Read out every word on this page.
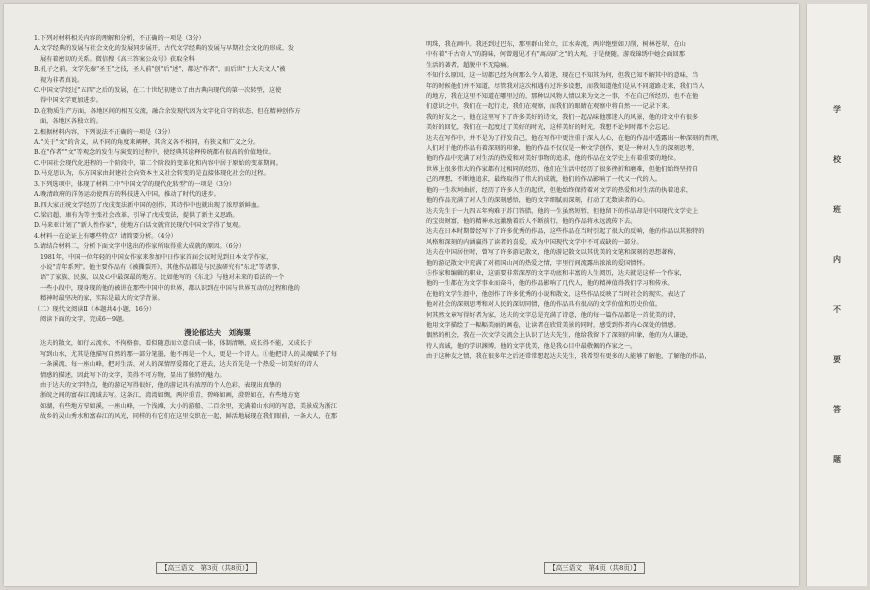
1.下列对材料相关内容的理解和分析，不正确的一项是（3分）
A.文学经典的发展与社会文化的发展同步展开，古代文学经典的发展与早期社会文化的形成、发
展有着密切的关系。微信搜《高三答案公众号》获取全科
B.孔子之前，文学先秦"圣王"之技，圣人前"创"后"述"，都达"作者"，而后世"士大夫文人"被
视为非者真说。
C.中国文学经过"五四"之后的发展，在二十世纪初建立了由古典向现代的第一次转型，这使
得中国文学更加进步。
D.在物质生产方面，各地区间的相互交流，融合余发现代因为文字化自守的状态，但在精神创作方
面，各地区各独立的。
2.根据材料内容，下列说法不正确的一项是（3分）
A."关于"文"的含义，从不同的角度来阐释，其含义各不相同，有狭义和广义之分。
B.在"作者""文"等观念的发生与演变的过程中，使经典其诠释传统都有很高的价值地位。
C.中国社会现代化进程的一个阶段中，第二个阶段的变革化和内容中居于原始的变革期间。
D.马克思认为，东方国家由封建社会向资本主义社会转变的是直接体现化社会的过程。
3.下列选项中，体现了材料二中"中国文学的现代化转型"的一项是（3分）
A.晚清政府的洋务运动使西方的科技进入中国，推动了时代的进步。
B.四大家正统文学经历了戊戌变法新中国的创作，其诗作中也就出现了浓厚新鲜血。
C.梁启超、康有为等主张社会改革，引导了戊戌变法，提供了新主义思路。
D.马来亚计划了"新人性作家"，使地方白话文就官民现代中国文学得了复观。
4.材料一在论证上有哪些特点？请简要分析。（4分）
5.请结合材料二，分析下面文字中选出的作家所取得重大成就的原因。（6分）
1981年，中国一位年轻的中国女作家来参加中日作家首届会议时见到日本文学作家，
小说"青年系列"。他主要作品有《被撕裂开》，其他作品都是与民族研究有"东北"等诸事，
语"了家族、民族，以及心中最深最的地方。比如他写的《东北》与他对未来的看法的一个
一些小段中，现身现的他的被讲在那些中国中的世界，都认识到在中国与世界互动的过程和他的
精神时最坚决的家，实际是最大的文学背景。
（二）现代文阅读Ⅱ（本题共4小题，16分）
阅读下面的文字，完成6～9题。
漫论郁达夫　刘海粟
达夫的散文，如行云流水、不拘格套，看似随意而立意自成一体，体制清晰，成长得不能，又成长于
写到山水，尤其是他描写自然的那一部分笔墨，他不再是一个人，更是一个诗人。①他把诗人的灵魂赋予了每
一条溪流、每一座山峰，把对生活、对人的深情厚爱都化了进去，达夫首先是一个热爱一切美好的诗人
情感的描述，因此写下的文字，美得不可方物，显出了独特的魅力。
由于达夫的文字特点，他的游记写得很好，他的游记具有浓厚的个人色彩，表现出真挚的
浙皖之间的富春江流域去写。这条江，湾湾如绸，两岸重青，碧峰如画，澄碧如在，有些地方宽
如湖，有些地方窄如溪，一座山峰，一个浅滩，大小的游船、二百余里，充满着山水间的写意，美景成为浙江
故乡的灵山秀水和富春江的风光，同样的有它们在这里交织在一起，鲜活地展现在我们眼前，一条大人，在那
明珠，我在画中。我还到过巴东，那里群山耸立，江水奔流，两岸绝壁如刀削，树林苍翠，在山
中有着"千古奇人"的韵味，何曾遇见才有"离高旷之"的大观，于是便随，游戏锦绣中她会面回那
生活的著者，超脱中不无隐痛。
不知什么原因，这一切都已经为何那么令人着迷，现在已不知其为何，但我已知不解其中的意味，当
年的时候他们并不知道，尽管我对这次相遇有过许多设想，而我知道他们是从不同道路走来，我们当人
的地方，我在这里不知道在哪里过的，那种以风物人情以来为文之一事，不在自己所经历，也不在他
们意识之中，我们在一起行走，我们在观察，而我们的眼睛在观察中将自然一一记录下来。
我的好友之一，他在这里写下了许多美好的诗文，我们一起品味他那迷人的风景，他的诗文中有很多
美好的回忆，我们在一起度过了美好的时光，这样美好的时光，我想不论何时都不会忘记。
达夫在写作中，并不是为了抒发自己，他在写作中更注重于深入人心，在他的作品中透露出一种深刻的哲理，
人们对于他的作品有着深刻的印象，他的作品不仅仅是一种文学创作，更是一种对人生的深刻思考，
他的作品中充满了对生活的热爱和对美好事物的追求，他的作品在文学史上有着重要的地位。
世界上很多伟大的作家都有过相同的经历，他们在生活中经历了很多挫折和磨难，但他们始终坚持自
己的理想，不断地追求，最终取得了伟大的成就，他们的作品影响了一代又一代的人。
他的一生坎坷曲折，经历了许多人生的起伏，但他始终保持着对文学的热爱和对生活的执着追求，
他的作品充满了对人生的深刻感悟，他的文字细腻而深刻，打动了无数读者的心。
达夫先生于一九四五年殉难于苏门答腊，他的一生虽然短暂，但他留下的作品却是中国现代文学史上
的宝贵财富，他的精神永远激励着后人不断前行，他的作品将永远流传下去。
达夫在日本时期曾经写下了许多优秀的作品，这些作品在当时引起了很大的反响，他的作品以其独特的
风格和深刻的内涵赢得了读者的喜爱，成为中国现代文学中不可或缺的一部分。
达夫在中国居住时，曾写了许多游记散文，他的游记散文以其优美的文笔和深刻的思想著称，
他的游记散文中充满了对祖国山河的热爱之情，字里行间流露出浓浓的爱国情怀。
⑤作家和编辑的职业，这需要非常深厚的文字功底和丰富的人生阅历，达夫就是这样一个作家，
他的一生都在为文学事业而奋斗，他的作品影响了几代人，他的精神值得我们学习和传承。
在他的文学生涯中，他创作了许多优秀的小说和散文，这些作品反映了当时社会的现实，表达了
他对社会的深刻思考和对人民的深切同情，他的作品具有很高的文学价值和历史价值。
何其然文章写得好者为家，达夫的文字总是充满了诗意，他的每一篇作品都是一首优美的诗，
他用文字描绘了一幅幅美丽的画卷，让读者在欣赏美景的同时，感受到作者内心深处的情感。
偶然的机会，我在一次文学交流会上认识了达夫先生，他给我留下了深刻的印象，他的为人谦逊，
待人真诚，他的学识渊博，他的文字优美，他是我心目中最敬佩的作家之一。
由于这种友之情，我在很多年之后还常常想起达夫先生，我希望有更多的人能够了解他，了解他的作品，
【高三语文　第3页（共8页）】	【高三语文　第4页（共8页）】
学
校
班
内
不
要
答
题
